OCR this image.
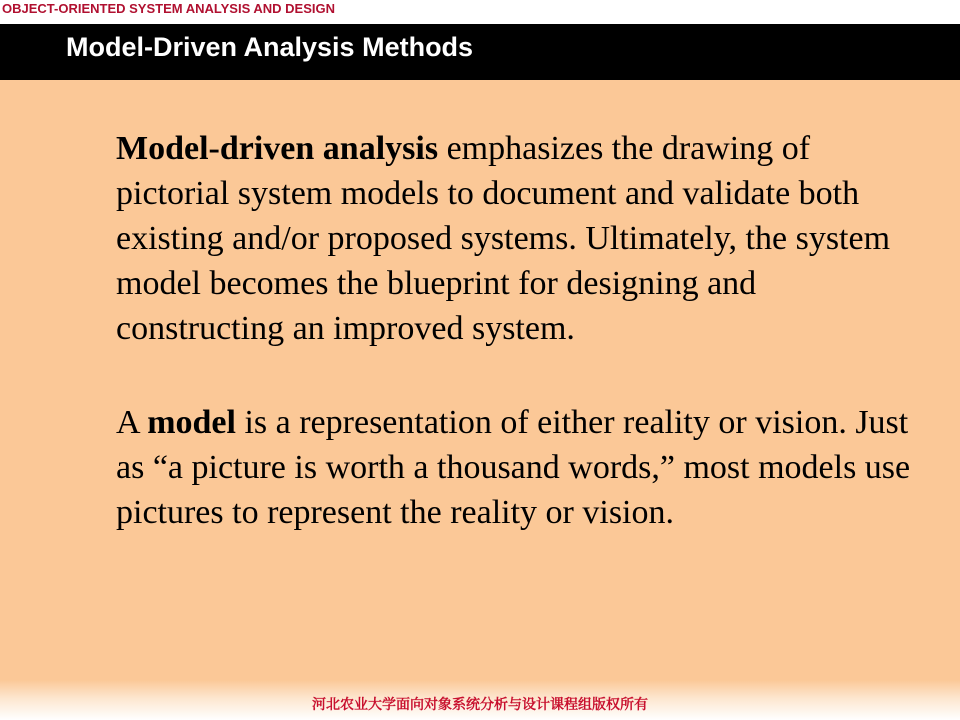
OBJECT-ORIENTED SYSTEM ANALYSIS AND DESIGN
Model-Driven Analysis Methods
Model-driven analysis emphasizes the drawing of pictorial system models to document and validate both existing and/or proposed systems. Ultimately, the system model becomes the blueprint for designing and constructing an improved system.
A model is a representation of either reality or vision. Just as “a picture is worth a thousand words,” most models use pictures to represent the reality or vision.
河北农业大学面向对象系统分析与设计课程组版权所有
